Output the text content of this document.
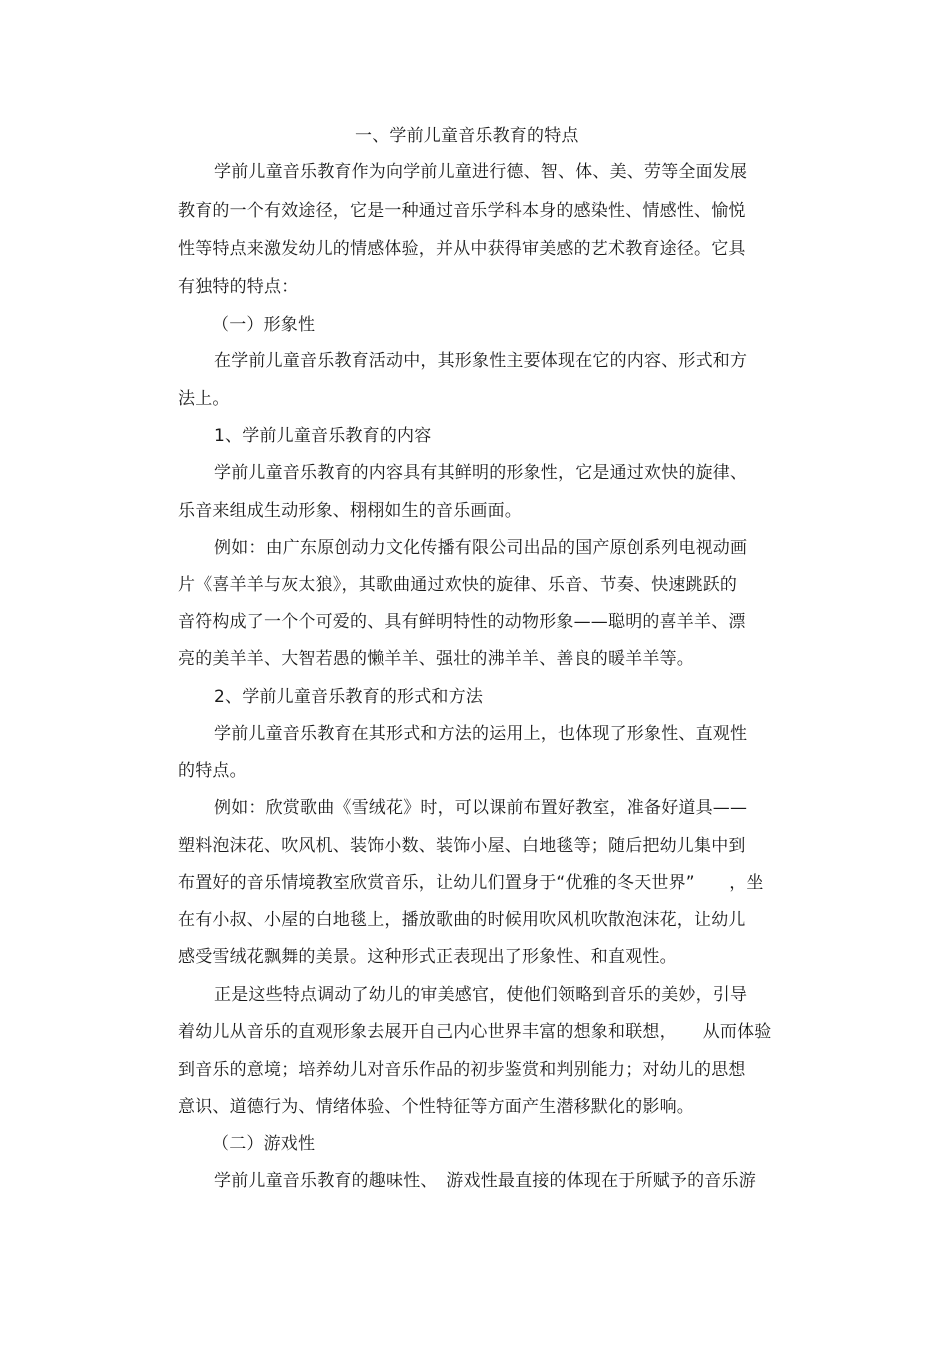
一、学前儿童音乐教育的特点
学前儿童音乐教育作为向学前儿童进行德、智、体、美、劳等全面发展
教育的一个有效途径，它是一种通过音乐学科本身的感染性、情感性、愉悦
性等特点来激发幼儿的情感体验，并从中获得审美感的艺术教育途径。它具
有独特的特点：
（一）形象性
在学前儿童音乐教育活动中，其形象性主要体现在它的内容、形式和方
法上。
1、学前儿童音乐教育的内容
学前儿童音乐教育的内容具有其鲜明的形象性，它是通过欢快的旋律、
乐音来组成生动形象、栩栩如生的音乐画面。
例如：由广东原创动力文化传播有限公司出品的国产原创系列电视动画
片《喜羊羊与灰太狼》，其歌曲通过欢快的旋律、乐音、节奏、快速跳跃的
音符构成了一个个可爱的、具有鲜明特性的动物形象——聪明的喜羊羊、漂
亮的美羊羊、大智若愚的懒羊羊、强壮的沸羊羊、善良的暖羊羊等。
2、学前儿童音乐教育的形式和方法
学前儿童音乐教育在其形式和方法的运用上，也体现了形象性、直观性
的特点。
例如：欣赏歌曲《雪绒花》时，可以课前布置好教室，准备好道具——
塑料泡沫花、吹风机、装饰小数、装饰小屋、白地毯等；随后把幼儿集中到
布置好的音乐情境教室欣赏音乐，让幼儿们置身于“优雅的冬天世界”　　，坐
在有小叔、小屋的白地毯上，播放歌曲的时候用吹风机吹散泡沫花，让幼儿
感受雪绒花飘舞的美景。这种形式正表现出了形象性、和直观性。
正是这些特点调动了幼儿的审美感官，使他们领略到音乐的美妙，引导
着幼儿从音乐的直观形象去展开自己内心世界丰富的想象和联想，　　从而体验
到音乐的意境；培养幼儿对音乐作品的初步鉴赏和判别能力；对幼儿的思想
意识、道德行为、情绪体验、个性特征等方面产生潜移默化的影响。
（二）游戏性
学前儿童音乐教育的趣味性、　游戏性最直接的体现在于所赋予的音乐游
